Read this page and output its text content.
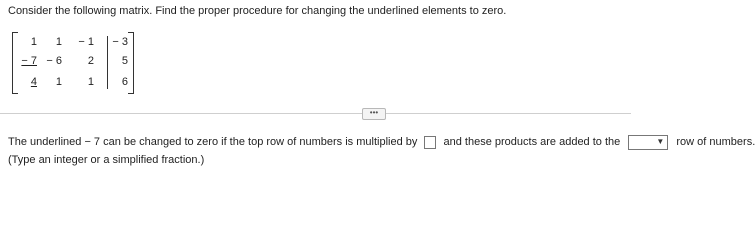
Consider the following matrix. Find the proper procedure for changing the underlined elements to zero.
1	1	− 1	− 3
− 7 − 6	2	5
4	1	1	6
•••
The underlined − 7 can be changed to zero if the top row of numbers is multiplied by and these products are added to the	▼ row of numbers.
(Type an integer or a simplified fraction.)
